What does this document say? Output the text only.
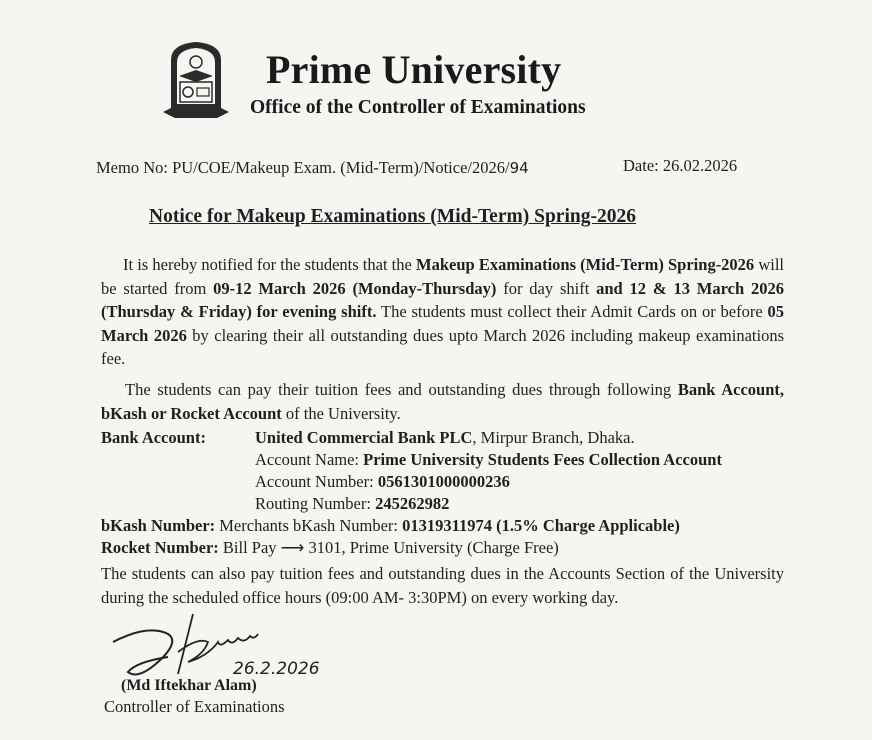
Prime University
Office of the Controller of Examinations
Memo No: PU/COE/Makeup Exam. (Mid-Term)/Notice/2026/94	Date: 26.02.2026
Notice for Makeup Examinations (Mid-Term) Spring-2026
It is hereby notified for the students that the Makeup Examinations (Mid-Term) Spring-2026 will be started from 09-12 March 2026 (Monday-Thursday) for day shift and 12 & 13 March 2026 (Thursday & Friday) for evening shift. The students must collect their Admit Cards on or before 05 March 2026 by clearing their all outstanding dues upto March 2026 including makeup examinations fee.
The students can pay their tuition fees and outstanding dues through following Bank Account, bKash or Rocket Account of the University.
Bank Account:	United Commercial Bank PLC, Mirpur Branch, Dhaka.
Account Name: Prime University Students Fees Collection Account
Account Number: 0561301000000236
Routing Number: 245262982
bKash Number: Merchants bKash Number: 01319311974 (1.5% Charge Applicable)
Rocket Number: Bill Pay ⟶ 3101, Prime University (Charge Free)
The students can also pay tuition fees and outstanding dues in the Accounts Section of the University during the scheduled office hours (09:00 AM- 3:30PM) on every working day.
26.2.2026
(Md Iftekhar Alam)
Controller of Examinations
